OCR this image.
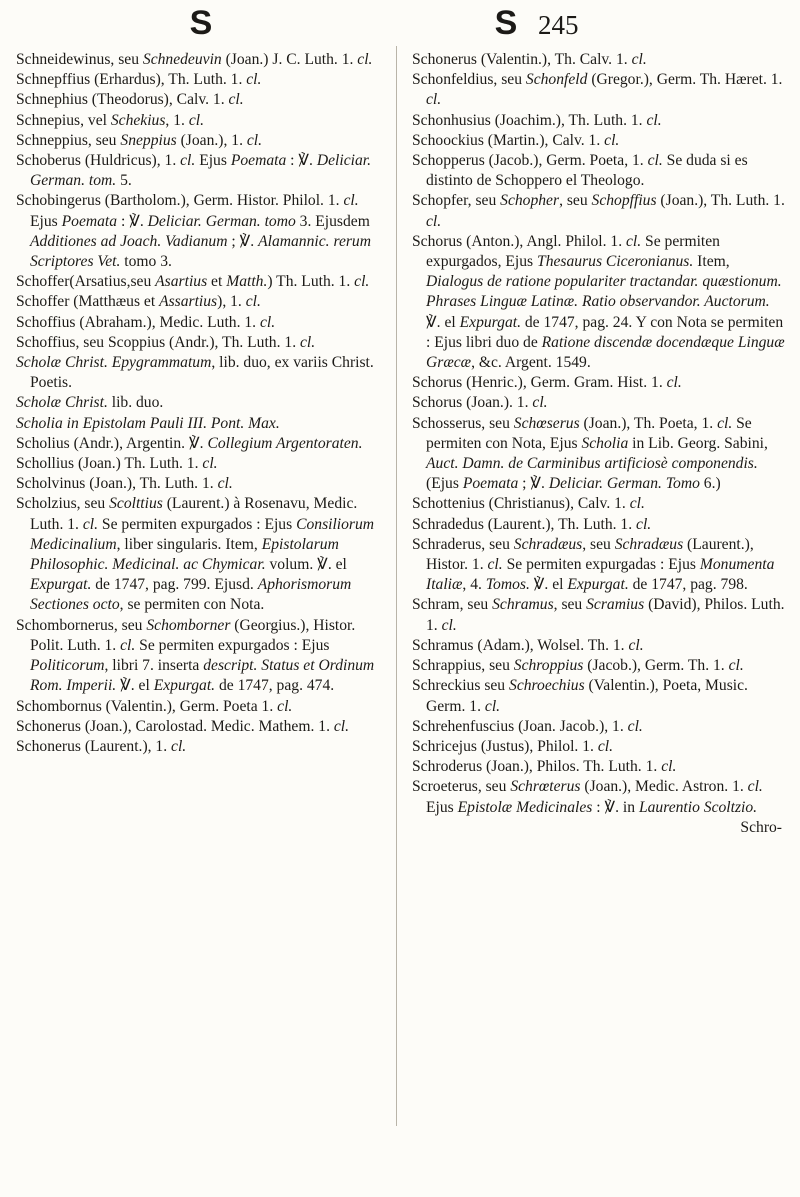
S	S 245

Schneidewinus, seu Schnedeuvin (Joan.) J. C. Luth. 1. cl.

Schnepffius (Erhardus), Th. Luth. 1. cl.

Schnephius (Theodorus), Calv. 1. cl.

Schnepius, vel Schekius, 1. cl.

Schneppius, seu Sneppius (Joan.), 1. cl.

Schoberus (Huldricus), 1. cl. Ejus Poemata : ℣. Deliciar. German. tom. 5.

Schobingerus (Bartholom.), Germ. Histor. Philol. 1. cl. Ejus Poemata : ℣. Deliciar. German. tomo 3. Ejusdem Additiones ad Joach. Vadianum ; ℣. Alamannic. rerum Scriptores Vet. tomo 3.

Schoffer(Arsatius,seu Asartius et Matth.) Th. Luth. 1. cl.

Schoffer (Matthæus et Assartius), 1. cl.

Schoffius (Abraham.), Medic. Luth. 1. cl.

Schoffius, seu Scoppius (Andr.), Th. Luth. 1. cl.

Scholæ Christ. Epygrammatum, lib. duo, ex variis Christ. Poetis.

Scholæ Christ. lib. duo.

Scholia in Epistolam Pauli III. Pont. Max.

Scholius (Andr.), Argentin. ℣. Collegium Argentoraten.

Schollius (Joan.) Th. Luth. 1. cl.

Scholvinus (Joan.), Th. Luth. 1. cl.

Scholzius, seu Scolttius (Laurent.) à Rosenavu, Medic. Luth. 1. cl. Se permiten expurgados : Ejus Consiliorum Medicinalium, liber singularis. Item, Epistolarum Philosophic. Medicinal. ac Chymicar. volum. ℣. el Expurgat. de 1747, pag. 799. Ejusd. Aphorismorum Sectiones octo, se permiten con Nota.

Schombornerus, seu Schomborner (Georgius.), Histor. Polit. Luth. 1. cl. Se permiten expurgados : Ejus Politicorum, libri 7. inserta descript. Status et Ordinum Rom. Imperii. ℣. el Expurgat. de 1747, pag. 474.

Schombornus (Valentin.), Germ. Poeta 1. cl.

Schonerus (Joan.), Carolostad. Medic. Mathem. 1. cl.

Schonerus (Laurent.), 1. cl.

Schonerus (Valentin.), Th. Calv. 1. cl.

Schonfeldius, seu Schonfeld (Gregor.), Germ. Th. Hæret. 1. cl.

Schonhusius (Joachim.), Th. Luth. 1. cl.

Schoockius (Martin.), Calv. 1. cl.

Schopperus (Jacob.), Germ. Poeta, 1. cl. Se duda si es distinto de Schoppero el Theologo.

Schopfer, seu Schopher, seu Schopffius (Joan.), Th. Luth. 1. cl.

Schorus (Anton.), Angl. Philol. 1. cl. Se permiten expurgados, Ejus Thesaurus Ciceronianus. Item, Dialogus de ratione populariter tractandar. quæstionum. Phrases Linguæ Latinæ. Ratio observandor. Auctorum. ℣. el Expurgat. de 1747, pag. 24. Y con Nota se permiten : Ejus libri duo de Ratione discendæ docendæque Linguæ Græcæ, &c. Argent. 1549.

Schorus (Henric.), Germ. Gram. Hist. 1. cl.

Schorus (Joan.). 1. cl.

Schosserus, seu Schœserus (Joan.), Th. Poeta, 1. cl. Se permiten con Nota, Ejus Scholia in Lib. Georg. Sabini, Auct. Damn. de Carminibus artificiosè componendis. (Ejus Poemata ; ℣. Deliciar. German. Tomo 6.)

Schottenius (Christianus), Calv. 1. cl.

Schradedus (Laurent.), Th. Luth. 1. cl.

Schraderus, seu Schradæus, seu Schradæus (Laurent.), Histor. 1. cl. Se permiten expurgadas : Ejus Monumenta Italiæ, 4. Tomos. ℣. el Expurgat. de 1747, pag. 798.

Schram, seu Schramus, seu Scramius (David), Philos. Luth. 1. cl.

Schramus (Adam.), Wolsel. Th. 1. cl.

Schrappius, seu Schroppius (Jacob.), Germ. Th. 1. cl.

Schreckius seu Schroechius (Valentin.), Poeta, Music. Germ. 1. cl.

Schrehenfuscius (Joan. Jacob.), 1. cl.

Schricejus (Justus), Philol. 1. cl.

Schroderus (Joan.), Philos. Th. Luth. 1. cl.

Scroeterus, seu Schrœterus (Joan.), Medic. Astron. 1. cl. Ejus Epistolæ Medicinales : ℣. in Laurentio Scoltzio.

Schro-
